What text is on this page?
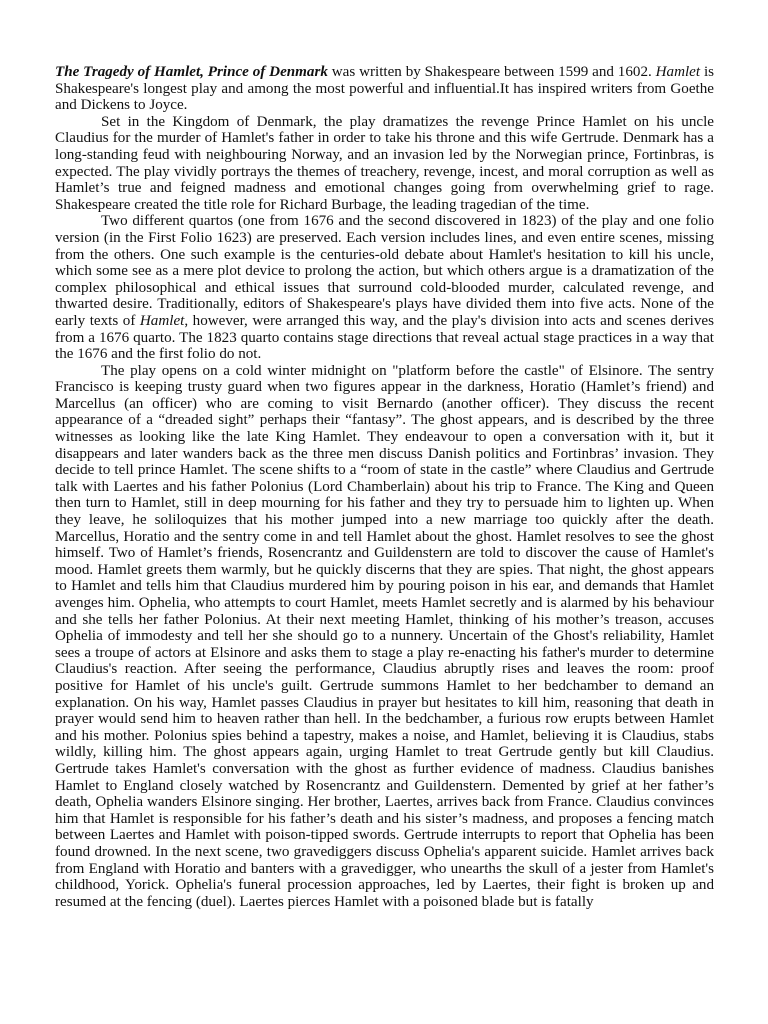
The Tragedy of Hamlet, Prince of Denmark was written by Shakespeare between 1599 and 1602. Hamlet is Shakespeare's longest play and among the most powerful and influential.It has inspired writers from Goethe and Dickens to Joyce.

Set in the Kingdom of Denmark, the play dramatizes the revenge Prince Hamlet on his uncle Claudius for the murder of Hamlet's father in order to take his throne and this wife Gertrude. Denmark has a long-standing feud with neighbouring Norway, and an invasion led by the Norwegian prince, Fortinbras, is expected. The play vividly portrays the themes of treachery, revenge, incest, and moral corruption as well as Hamlet’s true and feigned madness and emotional changes going from overwhelming grief to rage. Shakespeare created the title role for Richard Burbage, the leading tragedian of the time.

Two different quartos (one from 1676 and the second discovered in 1823) of the play and one folio version (in the First Folio 1623) are preserved. Each version includes lines, and even entire scenes, missing from the others. One such example is the centuries-old debate about Hamlet's hesitation to kill his uncle, which some see as a mere plot device to prolong the action, but which others argue is a dramatization of the complex philosophical and ethical issues that surround cold-blooded murder, calculated revenge, and thwarted desire. Traditionally, editors of Shakespeare's plays have divided them into five acts. None of the early texts of Hamlet, however, were arranged this way, and the play's division into acts and scenes derives from a 1676 quarto. The 1823 quarto contains stage directions that reveal actual stage practices in a way that the 1676 and the first folio do not.

The play opens on a cold winter midnight on "platform before the castle" of Elsinore. The sentry Francisco is keeping trusty guard when two figures appear in the darkness, Horatio (Hamlet’s friend) and Marcellus (an officer) who are coming to visit Bernardo (another officer). They discuss the recent appearance of a “dreaded sight” perhaps their “fantasy”. The ghost appears, and is described by the three witnesses as looking like the late King Hamlet. They endeavour to open a conversation with it, but it disappears and later wanders back as the three men discuss Danish politics and Fortinbras’ invasion. They decide to tell prince Hamlet. The scene shifts to a “room of state in the castle” where Claudius and Gertrude talk with Laertes and his father Polonius (Lord Chamberlain) about his trip to France. The King and Queen then turn to Hamlet, still in deep mourning for his father and they try to persuade him to lighten up. When they leave, he soliloquizes that his mother jumped into a new marriage too quickly after the death. Marcellus, Horatio and the sentry come in and tell Hamlet about the ghost. Hamlet resolves to see the ghost himself. Two of Hamlet’s friends, Rosencrantz and Guildenstern are told to discover the cause of Hamlet's mood. Hamlet greets them warmly, but he quickly discerns that they are spies. That night, the ghost appears to Hamlet and tells him that Claudius murdered him by pouring poison in his ear, and demands that Hamlet avenges him. Ophelia, who attempts to court Hamlet, meets Hamlet secretly and is alarmed by his behaviour and she tells her father Polonius. At their next meeting Hamlet, thinking of his mother’s treason, accuses Ophelia of immodesty and tell her she should go to a nunnery. Uncertain of the Ghost's reliability, Hamlet sees a troupe of actors at Elsinore and asks them to stage a play re-enacting his father's murder to determine Claudius's reaction. After seeing the performance, Claudius abruptly rises and leaves the room: proof positive for Hamlet of his uncle's guilt. Gertrude summons Hamlet to her bedchamber to demand an explanation. On his way, Hamlet passes Claudius in prayer but hesitates to kill him, reasoning that death in prayer would send him to heaven rather than hell. In the bedchamber, a furious row erupts between Hamlet and his mother. Polonius spies behind a tapestry, makes a noise, and Hamlet, believing it is Claudius, stabs wildly, killing him. The ghost appears again, urging Hamlet to treat Gertrude gently but kill Claudius. Gertrude takes Hamlet's conversation with the ghost as further evidence of madness. Claudius banishes Hamlet to England closely watched by Rosencrantz and Guildenstern. Demented by grief at her father’s death, Ophelia wanders Elsinore singing. Her brother, Laertes, arrives back from France. Claudius convinces him that Hamlet is responsible for his father’s death and his sister’s madness, and proposes a fencing match between Laertes and Hamlet with poison-tipped swords. Gertrude interrupts to report that Ophelia has been found drowned. In the next scene, two gravediggers discuss Ophelia's apparent suicide. Hamlet arrives back from England with Horatio and banters with a gravedigger, who unearths the skull of a jester from Hamlet's childhood, Yorick. Ophelia's funeral procession approaches, led by Laertes, their fight is broken up and resumed at the fencing (duel). Laertes pierces Hamlet with a poisoned blade but is fatally
